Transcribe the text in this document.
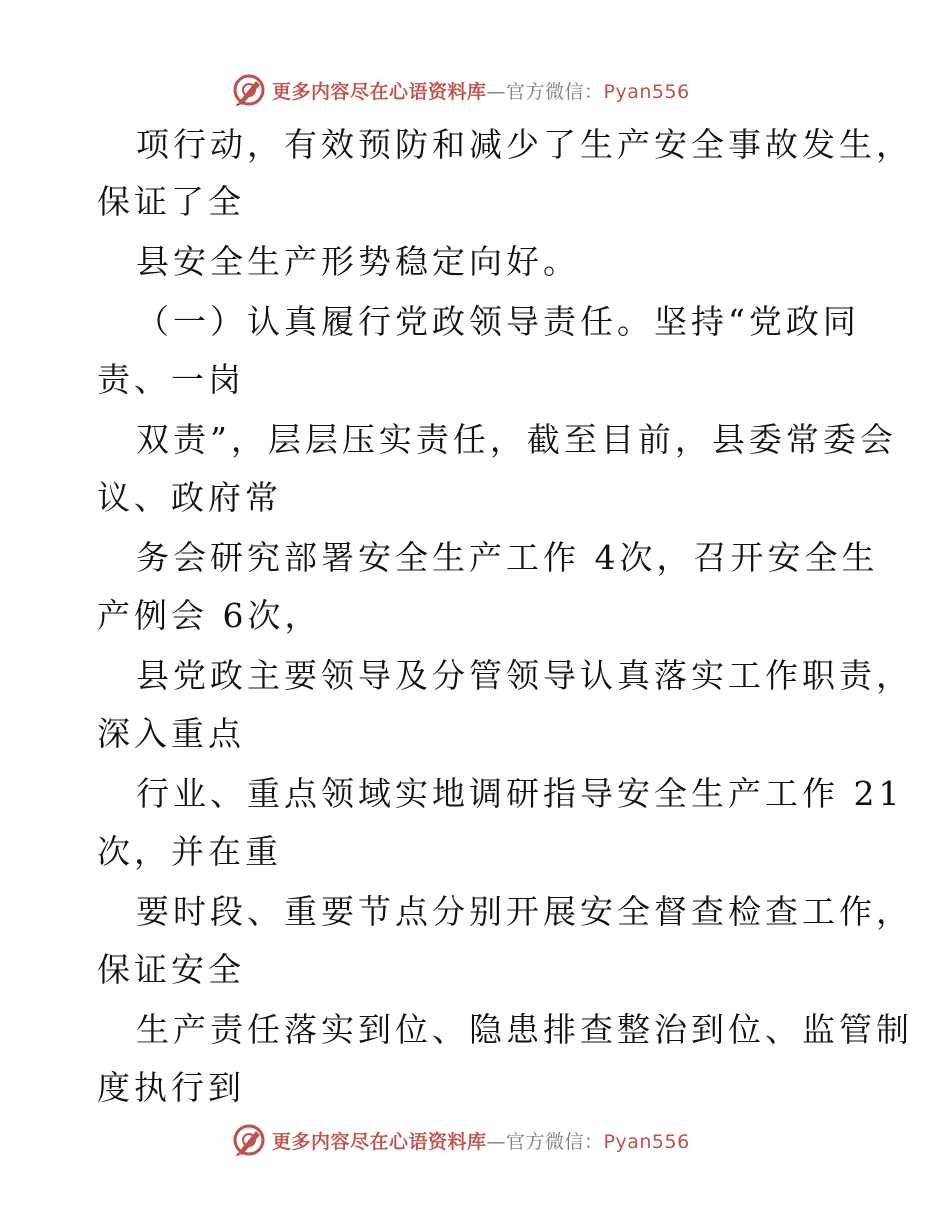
更多内容尽在心语资料库—官方微信：Pyan556
项行动，有效预防和减少了生产安全事故发生，
保证了全
县安全生产形势稳定向好。
（一）认真履行党政领导责任。坚持“党政同
责、一岗
双责”，层层压实责任，截至目前，县委常委会
议、政府常
务会研究部署安全生产工作 4次，召开安全生
产例会 6次，
县党政主要领导及分管领导认真落实工作职责，
深入重点
行业、重点领域实地调研指导安全生产工作 21
次，并在重
要时段、重要节点分别开展安全督查检查工作，
保证安全
生产责任落实到位、隐患排查整治到位、监管制
度执行到
更多内容尽在心语资料库—官方微信：Pyan556
